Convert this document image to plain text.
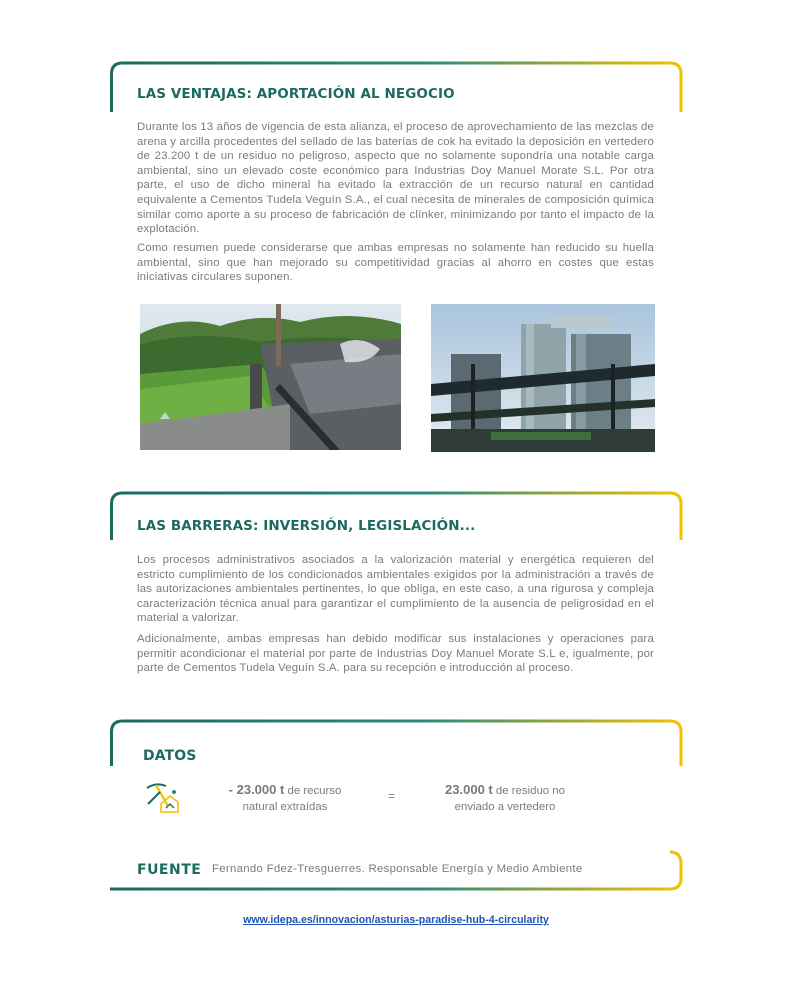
LAS VENTAJAS: APORTACIÓN AL NEGOCIO

Durante los 13 años de vigencia de esta alianza, el proceso de aprovechamiento de las mezclas de arena y arcilla procedentes del sellado de las baterías de cok ha evitado la deposición en vertedero de 23.200 t de un residuo no peligroso, aspecto que no solamente supondría una notable carga ambiental, sino un elevado coste económico para Industrias Doy Manuel Morate S.L. Por otra parte, el uso de dicho mineral ha evitado la extracción de un recurso natural en cantidad equivalente a Cementos Tudela Veguín S.A., el cual necesita de minerales de composición química similar como aporte a su proceso de fabricación de clínker, minimizando por tanto el impacto de la explotación.

Como resumen puede considerarse que ambas empresas no solamente han reducido su huella ambiental, sino que han mejorado su competitividad gracias al ahorro en costes que estas iniciativas circulares suponen.

LAS BARRERAS: INVERSIÓN, LEGISLACIÓN...

Los procesos administrativos asociados a la valorización material y energética requieren del estricto cumplimiento de los condicionados ambientales exigidos por la administración a través de las autorizaciones ambientales pertinentes, lo que obliga, en este caso, a una rigurosa y compleja caracterización técnica anual para garantizar el cumplimiento de la ausencia de peligrosidad en el material a valorizar.

Adicionalmente, ambas empresas han debido modificar sus instalaciones y operaciones para permitir acondicionar el material por parte de Industrias Doy Manuel Morate S.L e, igualmente, por parte de Cementos Tudela Veguín S.A. para su recepción e introducción al proceso.

DATOS
- 23.000 t de recurso
natural extraídas
=	23.000 t de residuo no
enviado a vertedero
FUENTE Fernando Fdez-Tresguerres. Responsable Energía y Medio Ambiente
www.idepa.es/innovacion/asturias-paradise-hub-4-circularity
